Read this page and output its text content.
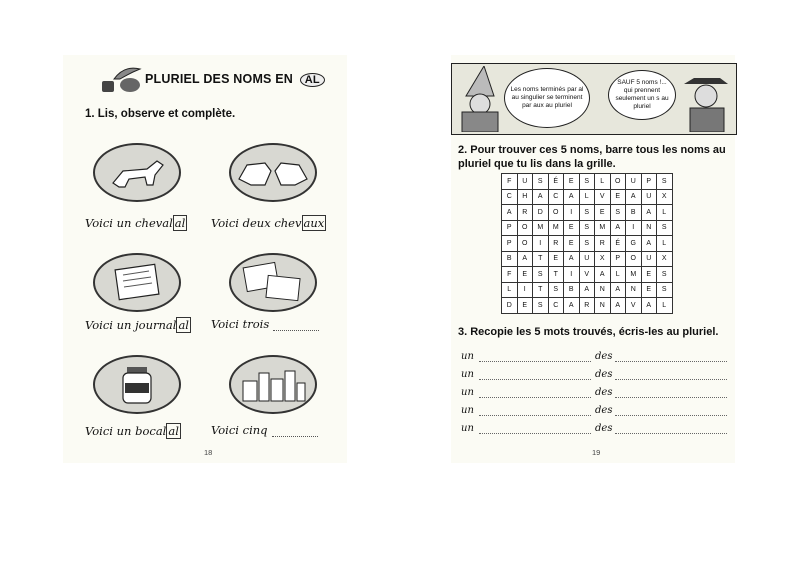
PLURIEL DES NOMS EN AL
1. Lis, observe et complète.
Voici un cheval al Voici deux chev aux
Voici un journal al Voici trois
Voici un bocal al	Voici cinq
18
Les noms terminés par al au singulier se terminent par aux au pluriel
SAUF 5 noms !... qui prennent seulement un s au pluriel
2. Pour trouver ces 5 noms, barre tous les noms au pluriel que tu lis dans la grille.
F	U	S	É	E	S	L	O	U	P	S
C	H	A	C	A	L	V	E	A	U	X
A	R	D	O	I	S	E	S	B	A	L
P	O	M	M	E	S	M	A	I	N	S
P	O	I	R	E	S	R	É	G	A	L
B	A	T	E	A	U	X	P	O	U	X
F	E	S	T	I	V	A	L	M	E	S
L	I	T	S	B	A	N	A	N	E	S
D	E	S	C	A	R	N	A	V	A	L
3. Recopie les 5 mots trouvés, écris-les au pluriel.
un	des
un	des
un	des
un	des
un	des
19
